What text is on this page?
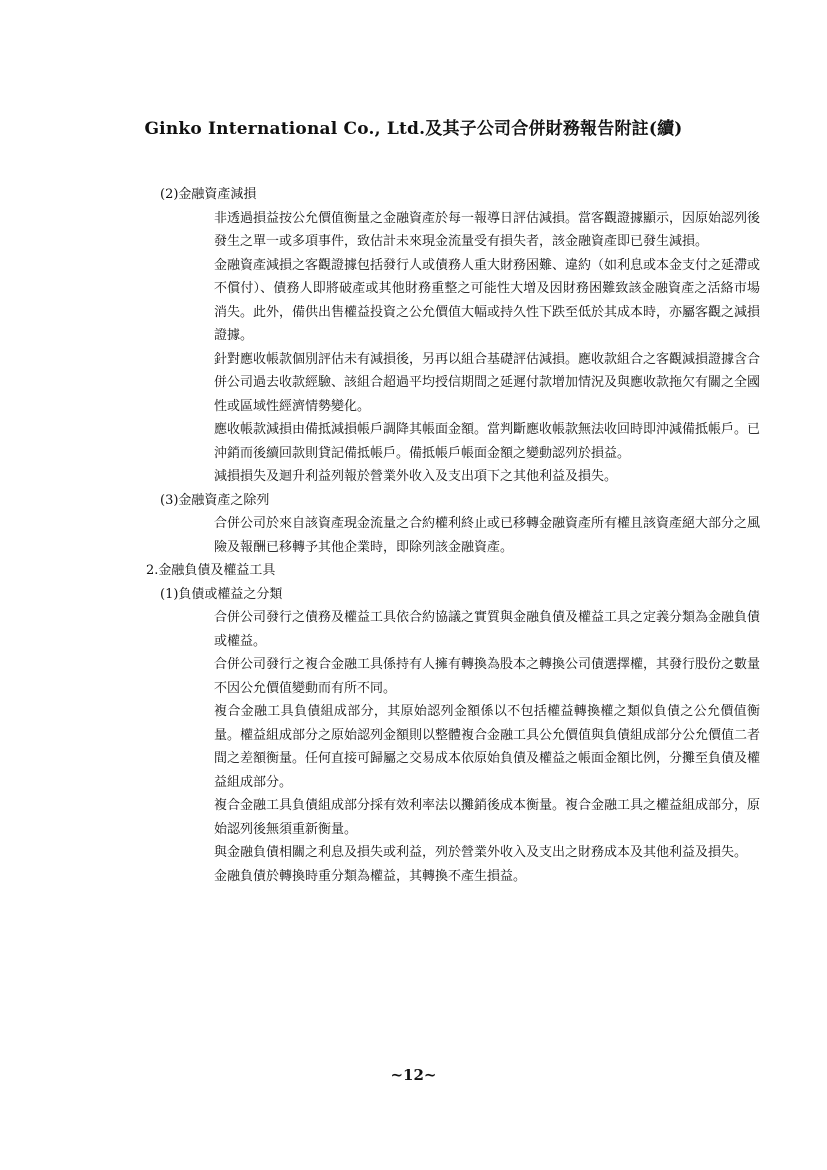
Ginko International Co., Ltd.及其子公司合併財務報告附註(續)
(2)金融資產減損
非透過損益按公允價值衡量之金融資產於每一報導日評估減損。當客觀證據顯示，因原始認列後發生之單一或多項事件，致估計未來現金流量受有損失者，該金融資產即已發生減損。
金融資產減損之客觀證據包括發行人或債務人重大財務困難、違約（如利息或本金支付之延滯或不償付）、債務人即將破產或其他財務重整之可能性大增及因財務困難致該金融資產之活絡市場消失。此外，備供出售權益投資之公允價值大幅或持久性下跌至低於其成本時，亦屬客觀之減損證據。
針對應收帳款個別評估未有減損後，另再以組合基礎評估減損。應收款組合之客觀減損證據含合併公司過去收款經驗、該組合超過平均授信期間之延遲付款增加情況及與應收款拖欠有關之全國性或區域性經濟情勢變化。
應收帳款減損由備抵減損帳戶調降其帳面金額。當判斷應收帳款無法收回時即沖減備抵帳戶。已沖銷而後續回款則貸記備抵帳戶。備抵帳戶帳面金額之變動認列於損益。
減損損失及迴升利益列報於營業外收入及支出項下之其他利益及損失。
(3)金融資產之除列
合併公司於來自該資產現金流量之合約權利終止或已移轉金融資產所有權且該資產絕大部分之風險及報酬已移轉予其他企業時，即除列該金融資產。
2.金融負債及權益工具
(1)負債或權益之分類
合併公司發行之債務及權益工具依合約協議之實質與金融負債及權益工具之定義分類為金融負債或權益。
合併公司發行之複合金融工具係持有人擁有轉換為股本之轉換公司債選擇權，其發行股份之數量不因公允價值變動而有所不同。
複合金融工具負債組成部分，其原始認列金額係以不包括權益轉換權之類似負債之公允價值衡量。權益組成部分之原始認列金額則以整體複合金融工具公允價值與負債組成部分公允價值二者間之差額衡量。任何直接可歸屬之交易成本依原始負債及權益之帳面金額比例，分攤至負債及權益組成部分。
複合金融工具負債組成部分採有效利率法以攤銷後成本衡量。複合金融工具之權益組成部分，原始認列後無須重新衡量。
與金融負債相關之利息及損失或利益，列於營業外收入及支出之財務成本及其他利益及損失。
金融負債於轉換時重分類為權益，其轉換不產生損益。
~12~
